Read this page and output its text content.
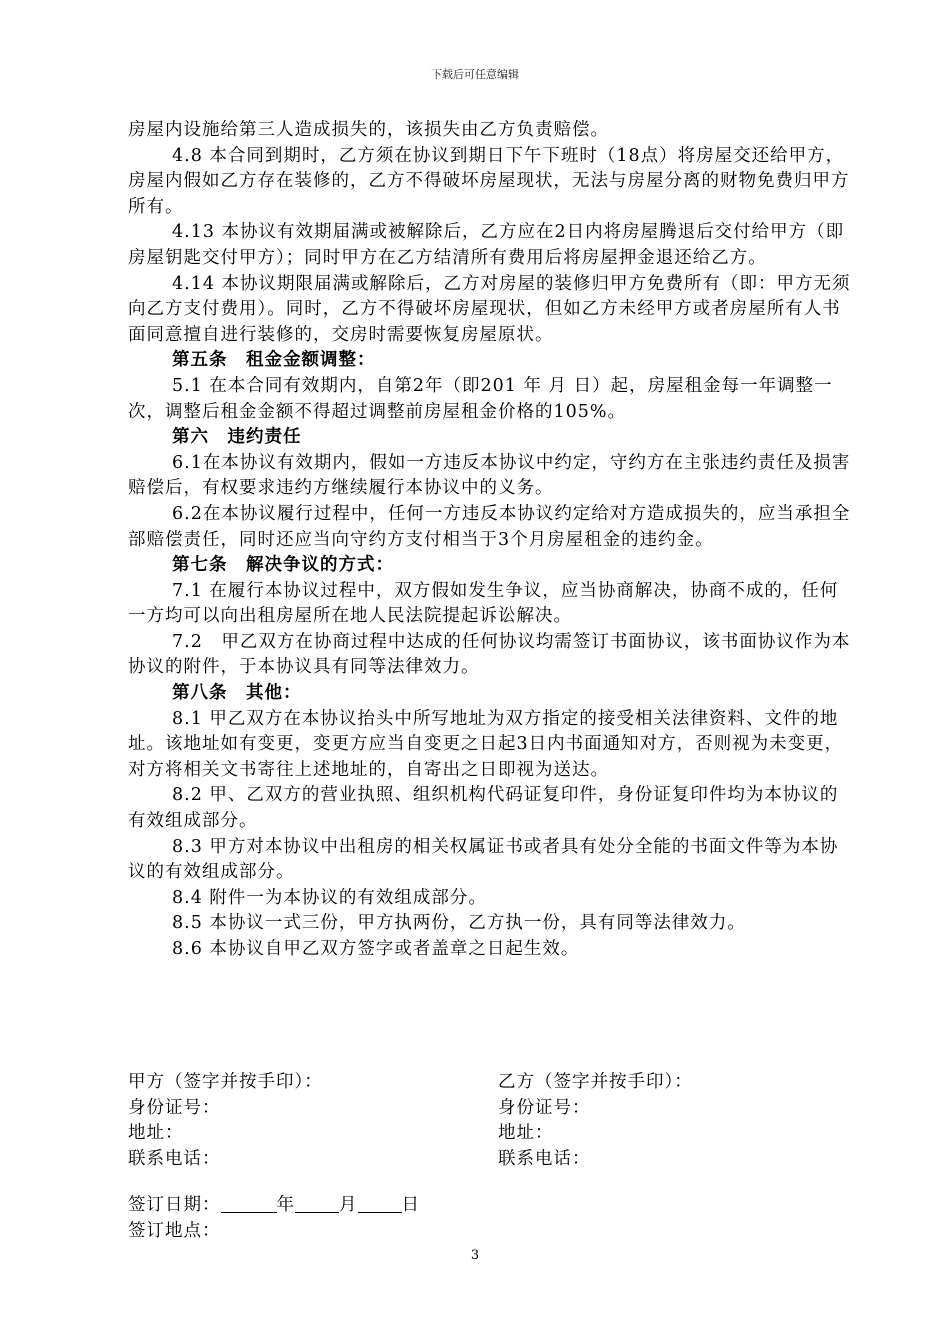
下载后可任意编辑

房屋内设施给第三人造成损失的，该损失由乙方负责赔偿。

4.8 本合同到期时，乙方须在协议到期日下午下班时（18点）将房屋交还给甲方，房屋内假如乙方存在装修的，乙方不得破坏房屋现状，无法与房屋分离的财物免费归甲方所有。

4.13 本协议有效期届满或被解除后，乙方应在2日内将房屋腾退后交付给甲方（即房屋钥匙交付甲方）；同时甲方在乙方结清所有费用后将房屋押金退还给乙方。

4.14 本协议期限届满或解除后，乙方对房屋的装修归甲方免费所有（即：甲方无须向乙方支付费用）。同时，乙方不得破坏房屋现状，但如乙方未经甲方或者房屋所有人书面同意擅自进行装修的，交房时需要恢复房屋原状。

第五条　租金金额调整：

5.1 在本合同有效期内，自第2年（即201 年 月 日）起，房屋租金每一年调整一次，调整后租金金额不得超过调整前房屋租金价格的105%。

第六　违约责任

6.1在本协议有效期内，假如一方违反本协议中约定，守约方在主张违约责任及损害赔偿后，有权要求违约方继续履行本协议中的义务。

6.2在本协议履行过程中，任何一方违反本协议约定给对方造成损失的，应当承担全部赔偿责任，同时还应当向守约方支付相当于3个月房屋租金的违约金。

第七条　解决争议的方式：

7.1 在履行本协议过程中，双方假如发生争议，应当协商解决，协商不成的，任何一方均可以向出租房屋所在地人民法院提起诉讼解决。

7.2　甲乙双方在协商过程中达成的任何协议均需签订书面协议，该书面协议作为本协议的附件，于本协议具有同等法律效力。

第八条　其他：

8.1 甲乙双方在本协议抬头中所写地址为双方指定的接受相关法律资料、文件的地址。该地址如有变更，变更方应当自变更之日起3日内书面通知对方，否则视为未变更，对方将相关文书寄往上述地址的，自寄出之日即视为送达。

8.2 甲、乙双方的营业执照、组织机构代码证复印件，身份证复印件均为本协议的有效组成部分。

8.3 甲方对本协议中出租房的相关权属证书或者具有处分全能的书面文件等为本协议的有效组成部分。

8.4 附件一为本协议的有效组成部分。

8.5 本协议一式三份，甲方执两份，乙方执一份，具有同等法律效力。

8.6 本协议自甲乙双方签字或者盖章之日起生效。

甲方（签字并按手印）：	乙方（签字并按手印）：
身份证号：	身份证号：
地址：	地址：
联系电话：	联系电话：
签订日期：	年	月	日
签订地点：
3
